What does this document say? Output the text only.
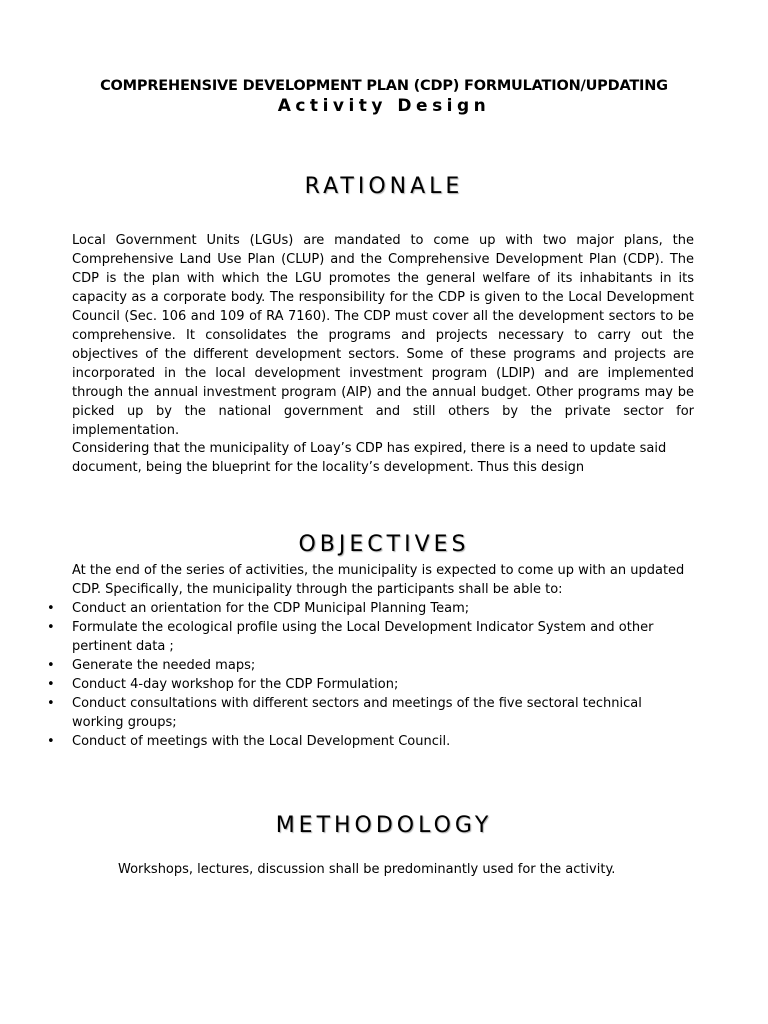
COMPREHENSIVE DEVELOPMENT PLAN (CDP) FORMULATION/UPDATING
Activity Design
RATIONALE

Local Government Units (LGUs) are mandated to come up with two major plans, the Comprehensive Land Use Plan (CLUP) and the Comprehensive Development Plan (CDP). The CDP is the plan with which the LGU promotes the general welfare of its inhabitants in its capacity as a corporate body. The responsibility for the CDP is given to the Local Development Council (Sec. 106 and 109 of RA 7160). The CDP must cover all the development sectors to be comprehensive. It consolidates the programs and projects necessary to carry out the objectives of the different development sectors. Some of these programs and projects are incorporated in the local development investment program (LDIP) and are implemented through the annual investment program (AIP) and the annual budget. Other programs may be picked up by the national government and still others by the private sector for implementation.

Considering that the municipality of Loay’s CDP has expired, there is a need to update said document, being the blueprint for the locality’s development. Thus this design

OBJECTIVES

At the end of the series of activities, the municipality is expected to come up with an updated CDP. Specifically, the municipality through the participants shall be able to:

• Conduct an orientation for the CDP Municipal Planning Team;
• Formulate the ecological profile using the Local Development Indicator System and other pertinent data ;
• Generate the needed maps;
• Conduct 4-day workshop for the CDP Formulation;
• Conduct consultations with different sectors and meetings of the five sectoral technical working groups;
• Conduct of meetings with the Local Development Council.
METHODOLOGY

Workshops, lectures, discussion shall be predominantly used for the activity.
